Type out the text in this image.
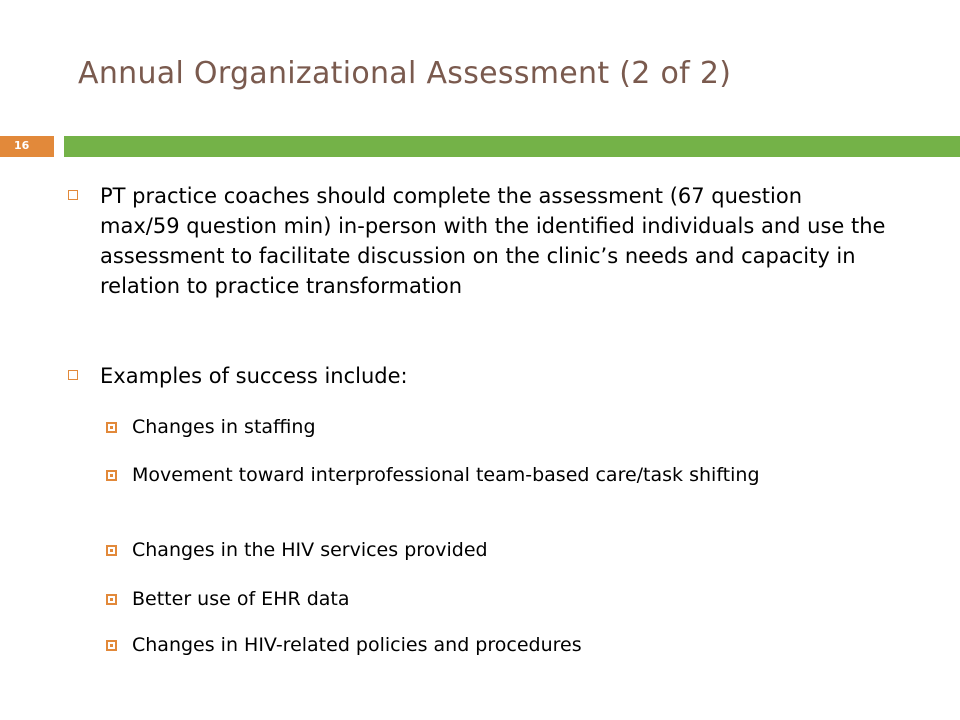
Annual Organizational Assessment (2 of 2)
16
PT practice coaches should complete the assessment (67 question max/59 question min) in-person with the identified individuals and use the assessment to facilitate discussion on the clinic’s needs and capacity in relation to practice transformation
Examples of success include:
Changes in staffing
Movement toward interprofessional team-based care/task shifting
Changes in the HIV services provided
Better use of EHR data
Changes in HIV-related policies and procedures
